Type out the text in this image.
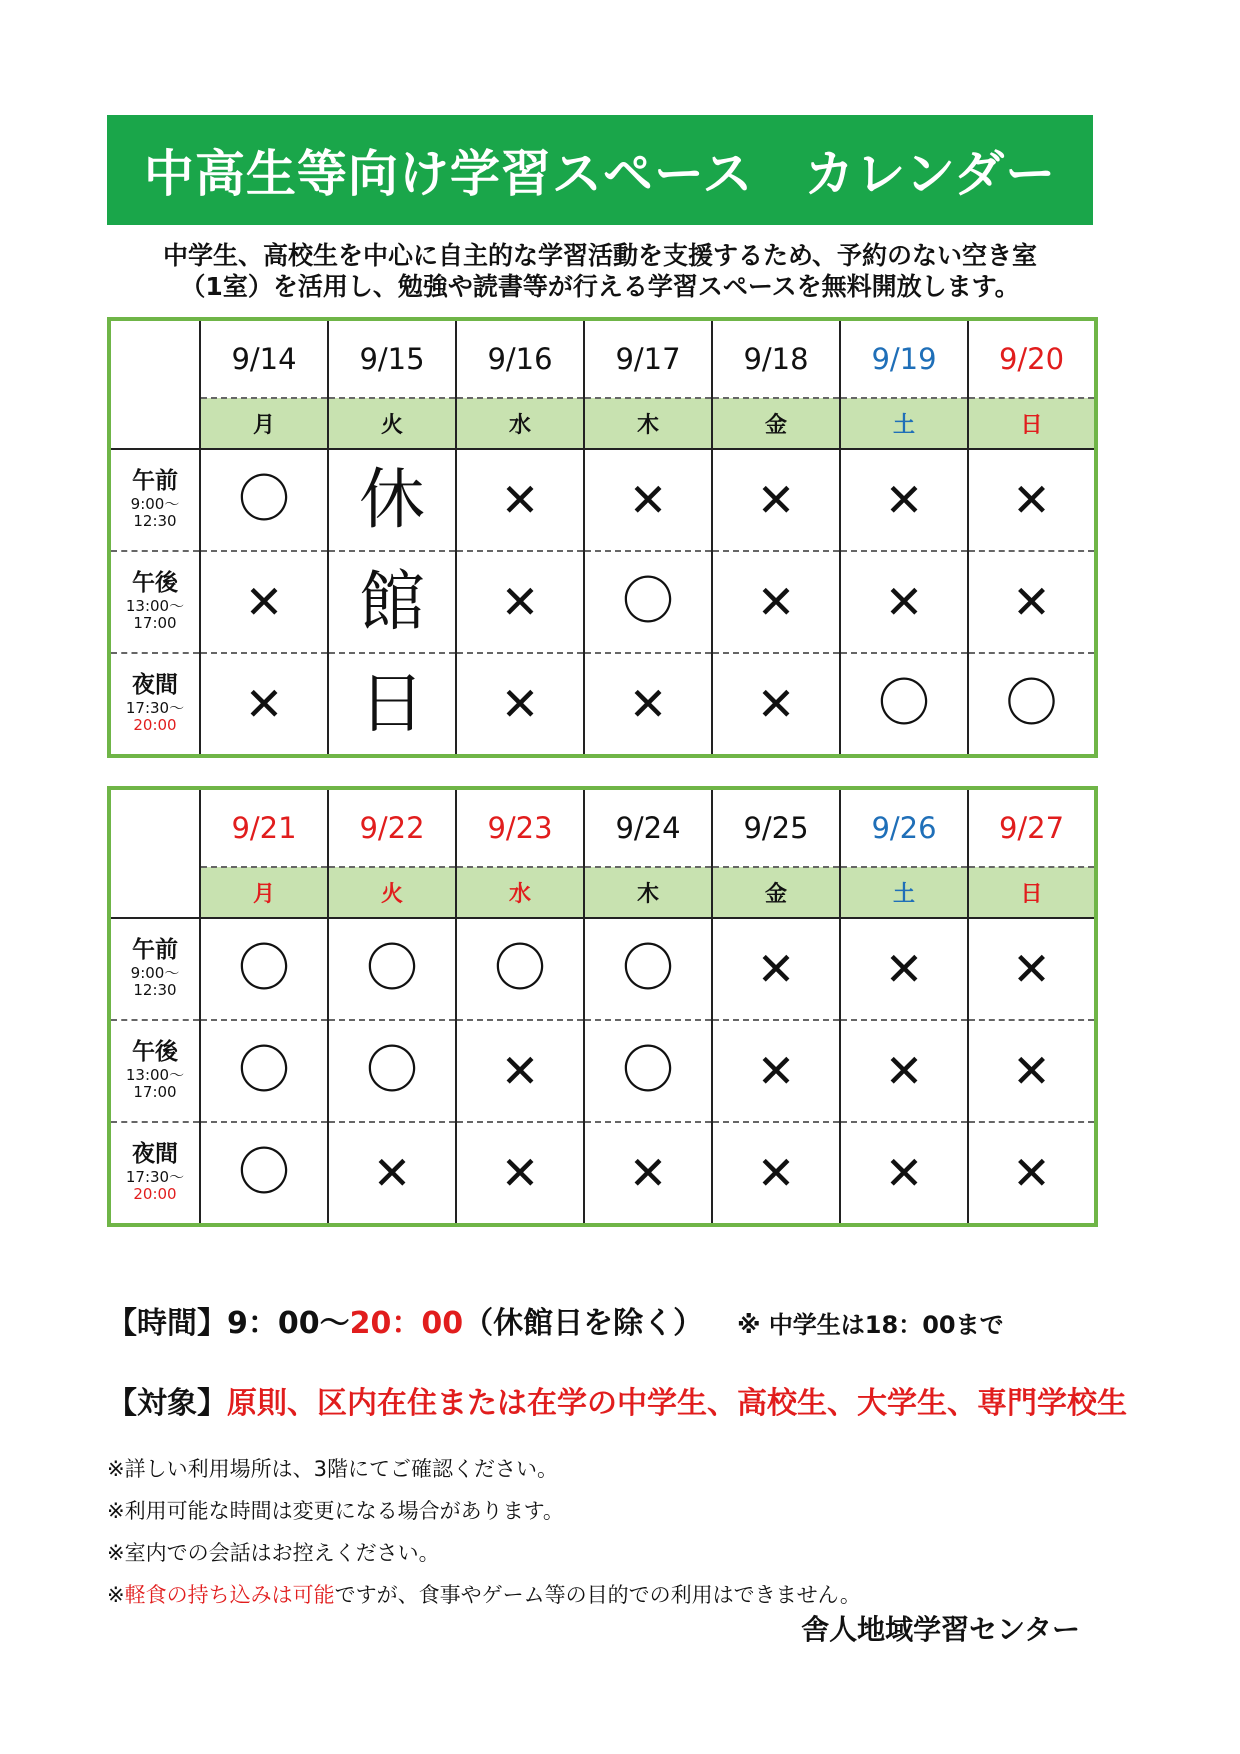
中高生等向け学習スペース　カレンダー
中学生、高校生を中心に自主的な学習活動を支援するため、予約のない空き室
（1室）を活用し、勉強や読書等が行える学習スペースを無料開放します。
	9/14	9/15	9/16	9/17	9/18	9/19	9/20
	月	火	水	木	金	土	日

午前
9:00～
12:30	〇	休	✕	✕	✕	✕	✕

午後
13:00～
17:00	✕	館	✕	〇	✕	✕	✕

夜間
17:30～
20:00	✕	日	✕	✕	✕	〇	〇
	9/21	9/22	9/23	9/24	9/25	9/26	9/27
	月	火	水	木	金	土	日

午前
9:00～
12:30	〇	〇	〇	〇	✕	✕	✕

午後
13:00～
17:00	〇	〇	✕	〇	✕	✕	✕

夜間
17:30～
20:00	〇	✕	✕	✕	✕	✕	✕
【時間】9：00～20：00（休館日を除く） ※ 中学生は18：00まで
【対象】原則、区内在住または在学の中学生、高校生、大学生、専門学校生
※詳しい利用場所は、3階にてご確認ください。
※利用可能な時間は変更になる場合があります。
※室内での会話はお控えください。
※軽食の持ち込みは可能ですが、食事やゲーム等の目的での利用はできません。
舎人地域学習センター
